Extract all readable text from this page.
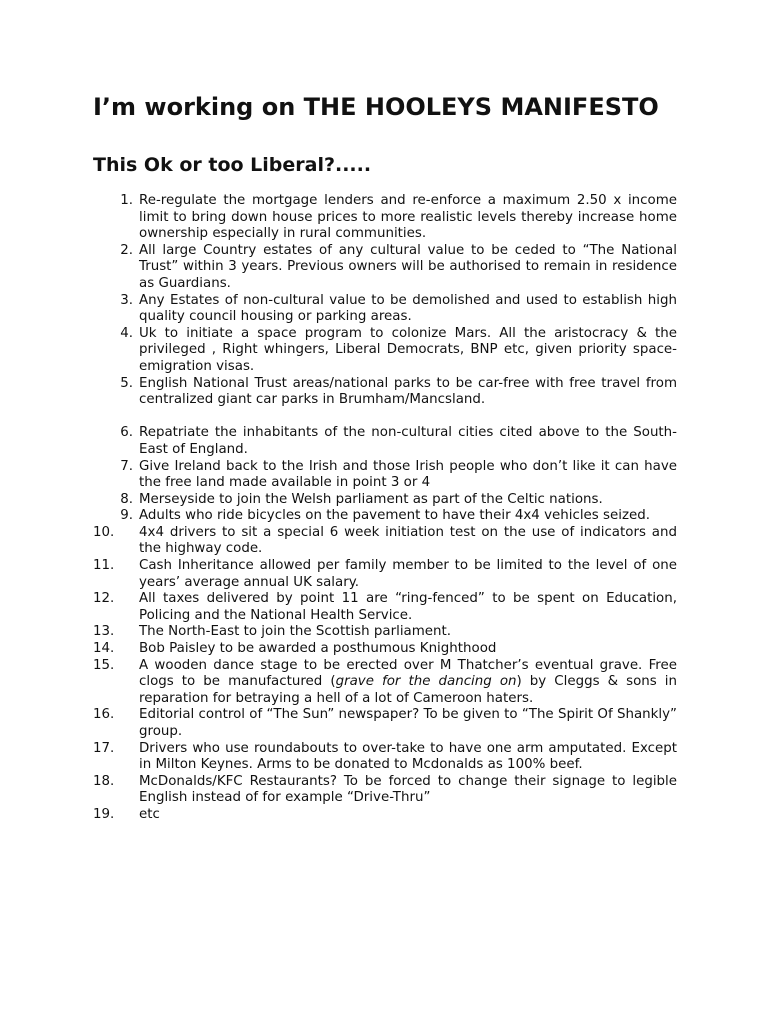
I’m working on THE HOOLEYS MANIFESTO
This Ok or too Liberal?.....
1. Re-regulate the mortgage lenders and re-enforce a maximum 2.50 x income limit to bring down house prices to more realistic levels thereby increase home ownership especially in rural communities.
2. All large Country estates of any cultural value to be ceded to “The National Trust” within 3 years. Previous owners will be authorised to remain in residence as Guardians.
3. Any Estates of non-cultural value to be demolished and used to establish high quality council housing or parking areas.
4. Uk to initiate a space program to colonize Mars. All the aristocracy & the privileged , Right whingers, Liberal Democrats, BNP etc, given priority space-emigration visas.
5. English National Trust areas/national parks to be car-free with free travel from centralized giant car parks in Brumham/Mancsland.
6. Repatriate the inhabitants of the non-cultural cities cited above to the South-East of England.
7. Give Ireland back to the Irish and those Irish people who don’t like it can have the free land made available in point 3 or 4
8. Merseyside to join the Welsh parliament as part of the Celtic nations.
9. Adults who ride bicycles on the pavement to have their 4x4 vehicles seized.
10.	4x4 drivers to sit a special 6 week initiation test on the use of indicators and the highway code.
11.	Cash Inheritance allowed per family member to be limited to the level of one years’ average annual UK salary.
12.	All taxes delivered by point 11 are “ring-fenced” to be spent on Education, Policing and the National Health Service.
13.	The North-East to join the Scottish parliament.
14.	Bob Paisley to be awarded a posthumous Knighthood
15.	A wooden dance stage to be erected over M Thatcher’s eventual grave. Free clogs to be manufactured (grave for the dancing on) by Cleggs & sons in reparation for betraying a hell of a lot of Cameroon haters.
16.	Editorial control of “The Sun” newspaper? To be given to “The Spirit Of Shankly” group.
17.	Drivers who use roundabouts to over-take to have one arm amputated. Except in Milton Keynes. Arms to be donated to Mcdonalds as 100% beef.
18.	McDonalds/KFC Restaurants? To be forced to change their signage to legible English instead of for example “Drive-Thru”
19.	etc
